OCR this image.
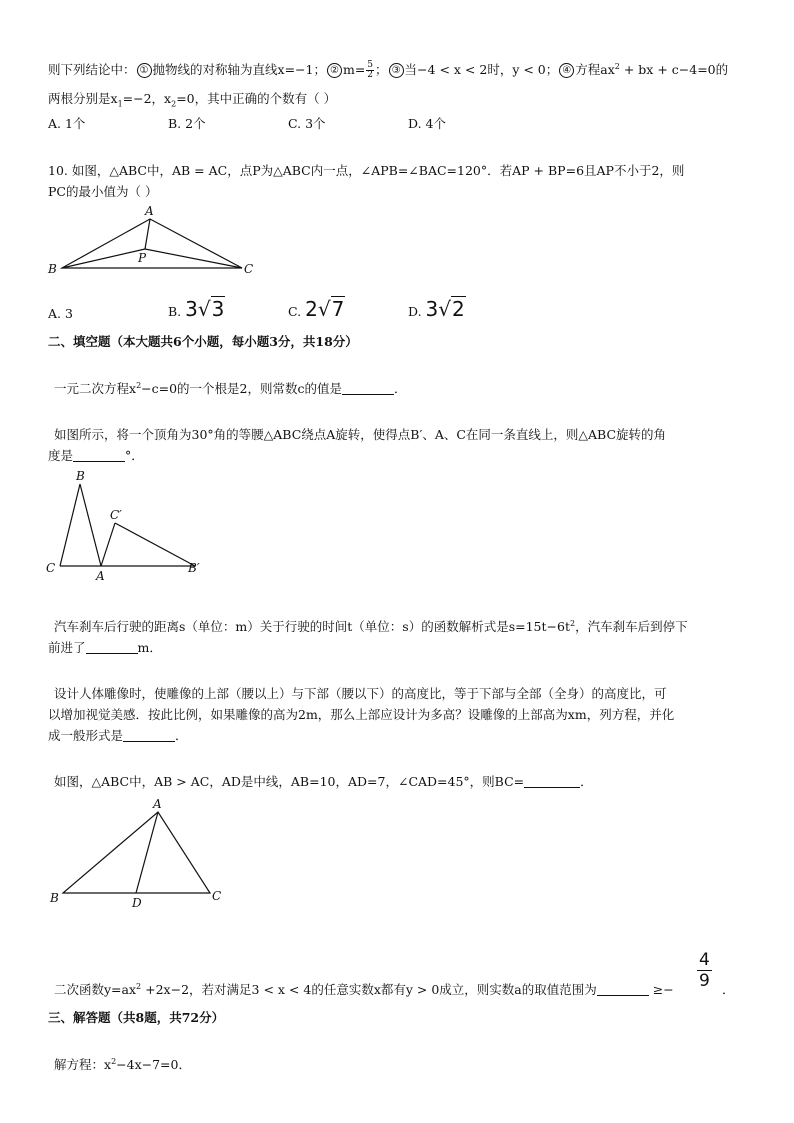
则下列结论中： ① 抛物线的对称轴为直线x=−1； ② $m= \frac{5}{2}$ ； ③ 当−4 < x < 2时，y < 0； ④ 方程$ax^2$ + bx + c−4=0的
两根分别是$x_1=-2$，$x_2=0$，其中正确的个数有（ ）
A. 1个	B. 2个	C. 3个	D. 4个
10. 如图，△ABC中，AB = AC，点P为△ABC内一点，∠APB=∠BAC=120°．若AP + BP=6且AP不小于2，则
PC的最小值为（ ）
A
B	C
P
A. 3	B. 3√3	C. 2√7	D. 3√2
二、填空题（本大题共6个小题，每小题3分，共18分）
一元二次方程$x^2-c=0$的一个根是2，则常数c的值是	．
如图所示，将一个顶角为30°角的等腰△ABC绕点A旋转，使得点B′、A、C在同一条直线上，则△ABC旋转的角
度是	°．
B
C′
C
A
B′
汽车刹车后行驶的距离s（单位：m）关于行驶的时间t（单位：s）的函数解析式是$s=15t-6t^2$，汽车刹车后到停下
前进了	m．
设计人体雕像时，使雕像的上部（腰以上）与下部（腰以下）的高度比，等于下部与全部（全身）的高度比，可
以增加视觉美感．按此比例，如果雕像的高为2m，那么上部应设计为多高？设雕像的上部高为xm，列方程，并化
成一般形式是	．
如图，△ABC中，AB > AC，AD是中线，AB=10，AD=7，∠CAD=45°，则BC=	．
A
B	D	C
二次函数$y=ax^2 +2x-2$，若对满足3 < x < 4的任意实数x都有y > 0成立，则实数a的取值范围为	≥−
4
9 ．
三、解答题（共8题，共72分）
解方程：$x^2-4x-7=0$．
